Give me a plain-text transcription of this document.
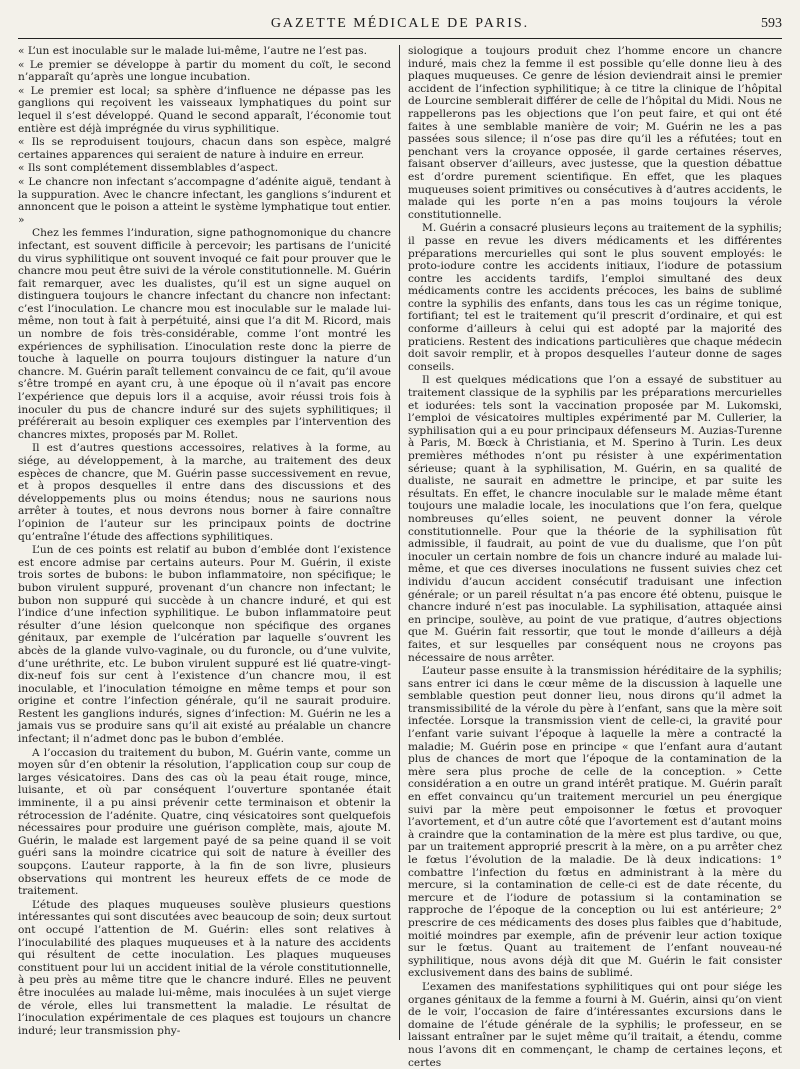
GAZETTE MÉDICALE DE PARIS.	593

« L’un est inoculable sur le malade lui-même, l’autre ne l’est pas.

« Le premier se développe à partir du moment du coït, le second n’apparaît qu’après une longue incubation.

« Le premier est local; sa sphère d’influence ne dépasse pas les ganglions qui reçoivent les vaisseaux lymphatiques du point sur lequel il s’est développé. Quand le second apparaît, l’économie tout entière est déjà imprégnée du virus syphilitique.

« Ils se reproduisent toujours, chacun dans son espèce, malgré certaines apparences qui seraient de nature à induire en erreur.

« Ils sont complétement dissemblables d’aspect.

« Le chancre non infectant s’accompagne d’adénite aiguë, tendant à la suppuration. Avec le chancre infectant, les ganglions s’indurent et annoncent que le poison a atteint le système lymphatique tout entier. »

Chez les femmes l’induration, signe pathognomonique du chancre infectant, est souvent difficile à percevoir; les partisans de l’unicité du virus syphilitique ont souvent invoqué ce fait pour prouver que le chancre mou peut être suivi de la vérole constitutionnelle. M. Guérin fait remarquer, avec les dualistes, qu’il est un signe auquel on distinguera toujours le chancre infectant du chancre non infectant: c’est l’inoculation. Le chancre mou est inoculable sur le malade lui-même, non tout à fait à perpétuité, ainsi que l’a dit M. Ricord, mais un nombre de fois très-considérable, comme l’ont montré les expériences de syphilisation. L’inoculation reste donc la pierre de touche à laquelle on pourra toujours distinguer la nature d’un chancre. M. Guérin paraît tellement convaincu de ce fait, qu’il avoue s’être trompé en ayant cru, à une époque où il n’avait pas encore l’expérience que depuis lors il a acquise, avoir réussi trois fois à inoculer du pus de chancre induré sur des sujets syphilitiques; il préférerait au besoin expliquer ces exemples par l’intervention des chancres mixtes, proposés par M. Rollet.

Il est d’autres questions accessoires, relatives à la forme, au siége, au développement, à la marche, au traitement des deux espèces de chancre, que M. Guérin passe successivement en revue, et à propos desquelles il entre dans des discussions et des développements plus ou moins étendus; nous ne saurions nous arrêter à toutes, et nous devrons nous borner à faire connaître l’opinion de l’auteur sur les principaux points de doctrine qu’entraîne l’étude des affections syphilitiques.

L’un de ces points est relatif au bubon d’emblée dont l’existence est encore admise par certains auteurs. Pour M. Guérin, il existe trois sortes de bubons: le bubon inflammatoire, non spécifique; le bubon virulent suppuré, provenant d’un chancre non infectant; le bubon non suppuré qui succède à un chancre induré, et qui est l’indice d’une infection syphilitique. Le bubon inflammatoire peut résulter d’une lésion quelconque non spécifique des organes génitaux, par exemple de l’ulcération par laquelle s’ouvrent les abcès de la glande vulvo-vaginale, ou du furoncle, ou d’une vulvite, d’une uréthrite, etc. Le bubon virulent suppuré est lié quatre-vingt-dix-neuf fois sur cent à l’existence d’un chancre mou, il est inoculable, et l’inoculation témoigne en même temps et pour son origine et contre l’infection générale, qu’il ne saurait produire. Restent les ganglions indurés, signes d’infection: M. Guérin ne les a jamais vus se produire sans qu’il ait existé au préalable un chancre infectant; il n’admet donc pas le bubon d’emblée.

A l’occasion du traitement du bubon, M. Guérin vante, comme un moyen sûr d’en obtenir la résolution, l’application coup sur coup de larges vésicatoires. Dans des cas où la peau était rouge, mince, luisante, et où par conséquent l’ouverture spontanée était imminente, il a pu ainsi prévenir cette terminaison et obtenir la rétrocession de l’adénite. Quatre, cinq vésicatoires sont quelquefois nécessaires pour produire une guérison complète, mais, ajoute M. Guérin, le malade est largement payé de sa peine quand il se voit guéri sans la moindre cicatrice qui soit de nature à éveiller des soupçons. L’auteur rapporte, à la fin de son livre, plusieurs observations qui montrent les heureux effets de ce mode de traitement.

L’étude des plaques muqueuses soulève plusieurs questions intéressantes qui sont discutées avec beaucoup de soin; deux surtout ont occupé l’attention de M. Guérin: elles sont relatives à l’inoculabilité des plaques muqueuses et à la nature des accidents qui résultent de cette inoculation. Les plaques muqueuses constituent pour lui un accident initial de la vérole constitutionnelle, à peu près au même titre que le chancre induré. Elles ne peuvent être inoculées au malade lui-même, mais inoculées à un sujet vierge de vérole, elles lui transmettent la maladie. Le résultat de l’inoculation expérimentale de ces plaques est toujours un chancre induré; leur transmission phy-

siologique a toujours produit chez l’homme encore un chancre induré, mais chez la femme il est possible qu’elle donne lieu à des plaques muqueuses. Ce genre de lésion deviendrait ainsi le premier accident de l’infection syphilitique; à ce titre la clinique de l’hôpital de Lourcine semblerait différer de celle de l’hôpital du Midi. Nous ne rappellerons pas les objections que l’on peut faire, et qui ont été faites à une semblable manière de voir; M. Guérin ne les a pas passées sous silence; il n’ose pas dire qu’il les a réfutées; tout en penchant vers la croyance opposée, il garde certaines réserves, faisant observer d’ailleurs, avec justesse, que la question débattue est d’ordre purement scientifique. En effet, que les plaques muqueuses soient primitives ou consécutives à d’autres accidents, le malade qui les porte n’en a pas moins toujours la vérole constitutionnelle.

M. Guérin a consacré plusieurs leçons au traitement de la syphilis; il passe en revue les divers médicaments et les différentes préparations mercurielles qui sont le plus souvent employés: le proto-iodure contre les accidents initiaux, l’iodure de potassium contre les accidents tardifs, l’emploi simultané des deux médicaments contre les accidents précoces, les bains de sublimé contre la syphilis des enfants, dans tous les cas un régime tonique, fortifiant; tel est le traitement qu’il prescrit d’ordinaire, et qui est conforme d’ailleurs à celui qui est adopté par la majorité des praticiens. Restent des indications particulières que chaque médecin doit savoir remplir, et à propos desquelles l’auteur donne de sages conseils.

Il est quelques médications que l’on a essayé de substituer au traitement classique de la syphilis par les préparations mercurielles et iodurées: tels sont la vaccination proposée par M. Lukomski, l’emploi de vésicatoires multiples expérimenté par M. Cullerier, la syphilisation qui a eu pour principaux défenseurs M. Auzias-Turenne à Paris, M. Bœck à Christiania, et M. Sperino à Turin. Les deux premières méthodes n’ont pu résister à une expérimentation sérieuse; quant à la syphilisation, M. Guérin, en sa qualité de dualiste, ne saurait en admettre le principe, et par suite les résultats. En effet, le chancre inoculable sur le malade même étant toujours une maladie locale, les inoculations que l’on fera, quelque nombreuses qu’elles soient, ne peuvent donner la vérole constitutionnelle. Pour que la théorie de la syphilisation fût admissible, il faudrait, au point de vue du dualisme, que l’on pût inoculer un certain nombre de fois un chancre induré au malade lui-même, et que ces diverses inoculations ne fussent suivies chez cet individu d’aucun accident consécutif traduisant une infection générale; or un pareil résultat n’a pas encore été obtenu, puisque le chancre induré n’est pas inoculable. La syphilisation, attaquée ainsi en principe, soulève, au point de vue pratique, d’autres objections que M. Guérin fait ressortir, que tout le monde d’ailleurs a déjà faites, et sur lesquelles par conséquent nous ne croyons pas nécessaire de nous arrêter.

L’auteur passe ensuite à la transmission héréditaire de la syphilis; sans entrer ici dans le cœur même de la discussion à laquelle une semblable question peut donner lieu, nous dirons qu’il admet la transmissibilité de la vérole du père à l’enfant, sans que la mère soit infectée. Lorsque la transmission vient de celle-ci, la gravité pour l’enfant varie suivant l’époque à laquelle la mère a contracté la maladie; M. Guérin pose en principe « que l’enfant aura d’autant plus de chances de mort que l’époque de la contamination de la mère sera plus proche de celle de la conception. » Cette considération a en outre un grand intérêt pratique. M. Guérin paraît en effet convaincu qu’un traitement mercuriel un peu énergique suivi par la mère peut empoisonner le fœtus et provoquer l’avortement, et d’un autre côté que l’avortement est d’autant moins à craindre que la contamination de la mère est plus tardive, ou que, par un traitement approprié prescrit à la mère, on a pu arrêter chez le fœtus l’évolution de la maladie. De là deux indications: 1° combattre l’infection du fœtus en administrant à la mère du mercure, si la contamination de celle-ci est de date récente, du mercure et de l’iodure de potassium si la contamination se rapproche de l’époque de la conception ou lui est antérieure; 2° prescrire de ces médicaments des doses plus faibles que d’habitude, moitié moindres par exemple, afin de prévenir leur action toxique sur le fœtus. Quant au traitement de l’enfant nouveau-né syphilitique, nous avons déjà dit que M. Guérin le fait consister exclusivement dans des bains de sublimé.

L’examen des manifestations syphilitiques qui ont pour siége les organes génitaux de la femme a fourni à M. Guérin, ainsi qu’on vient de le voir, l’occasion de faire d’intéressantes excursions dans le domaine de l’étude générale de la syphilis; le professeur, en se laissant entraîner par le sujet même qu’il traitait, a étendu, comme nous l’avons dit en commençant, le champ de certaines leçons, et certes
